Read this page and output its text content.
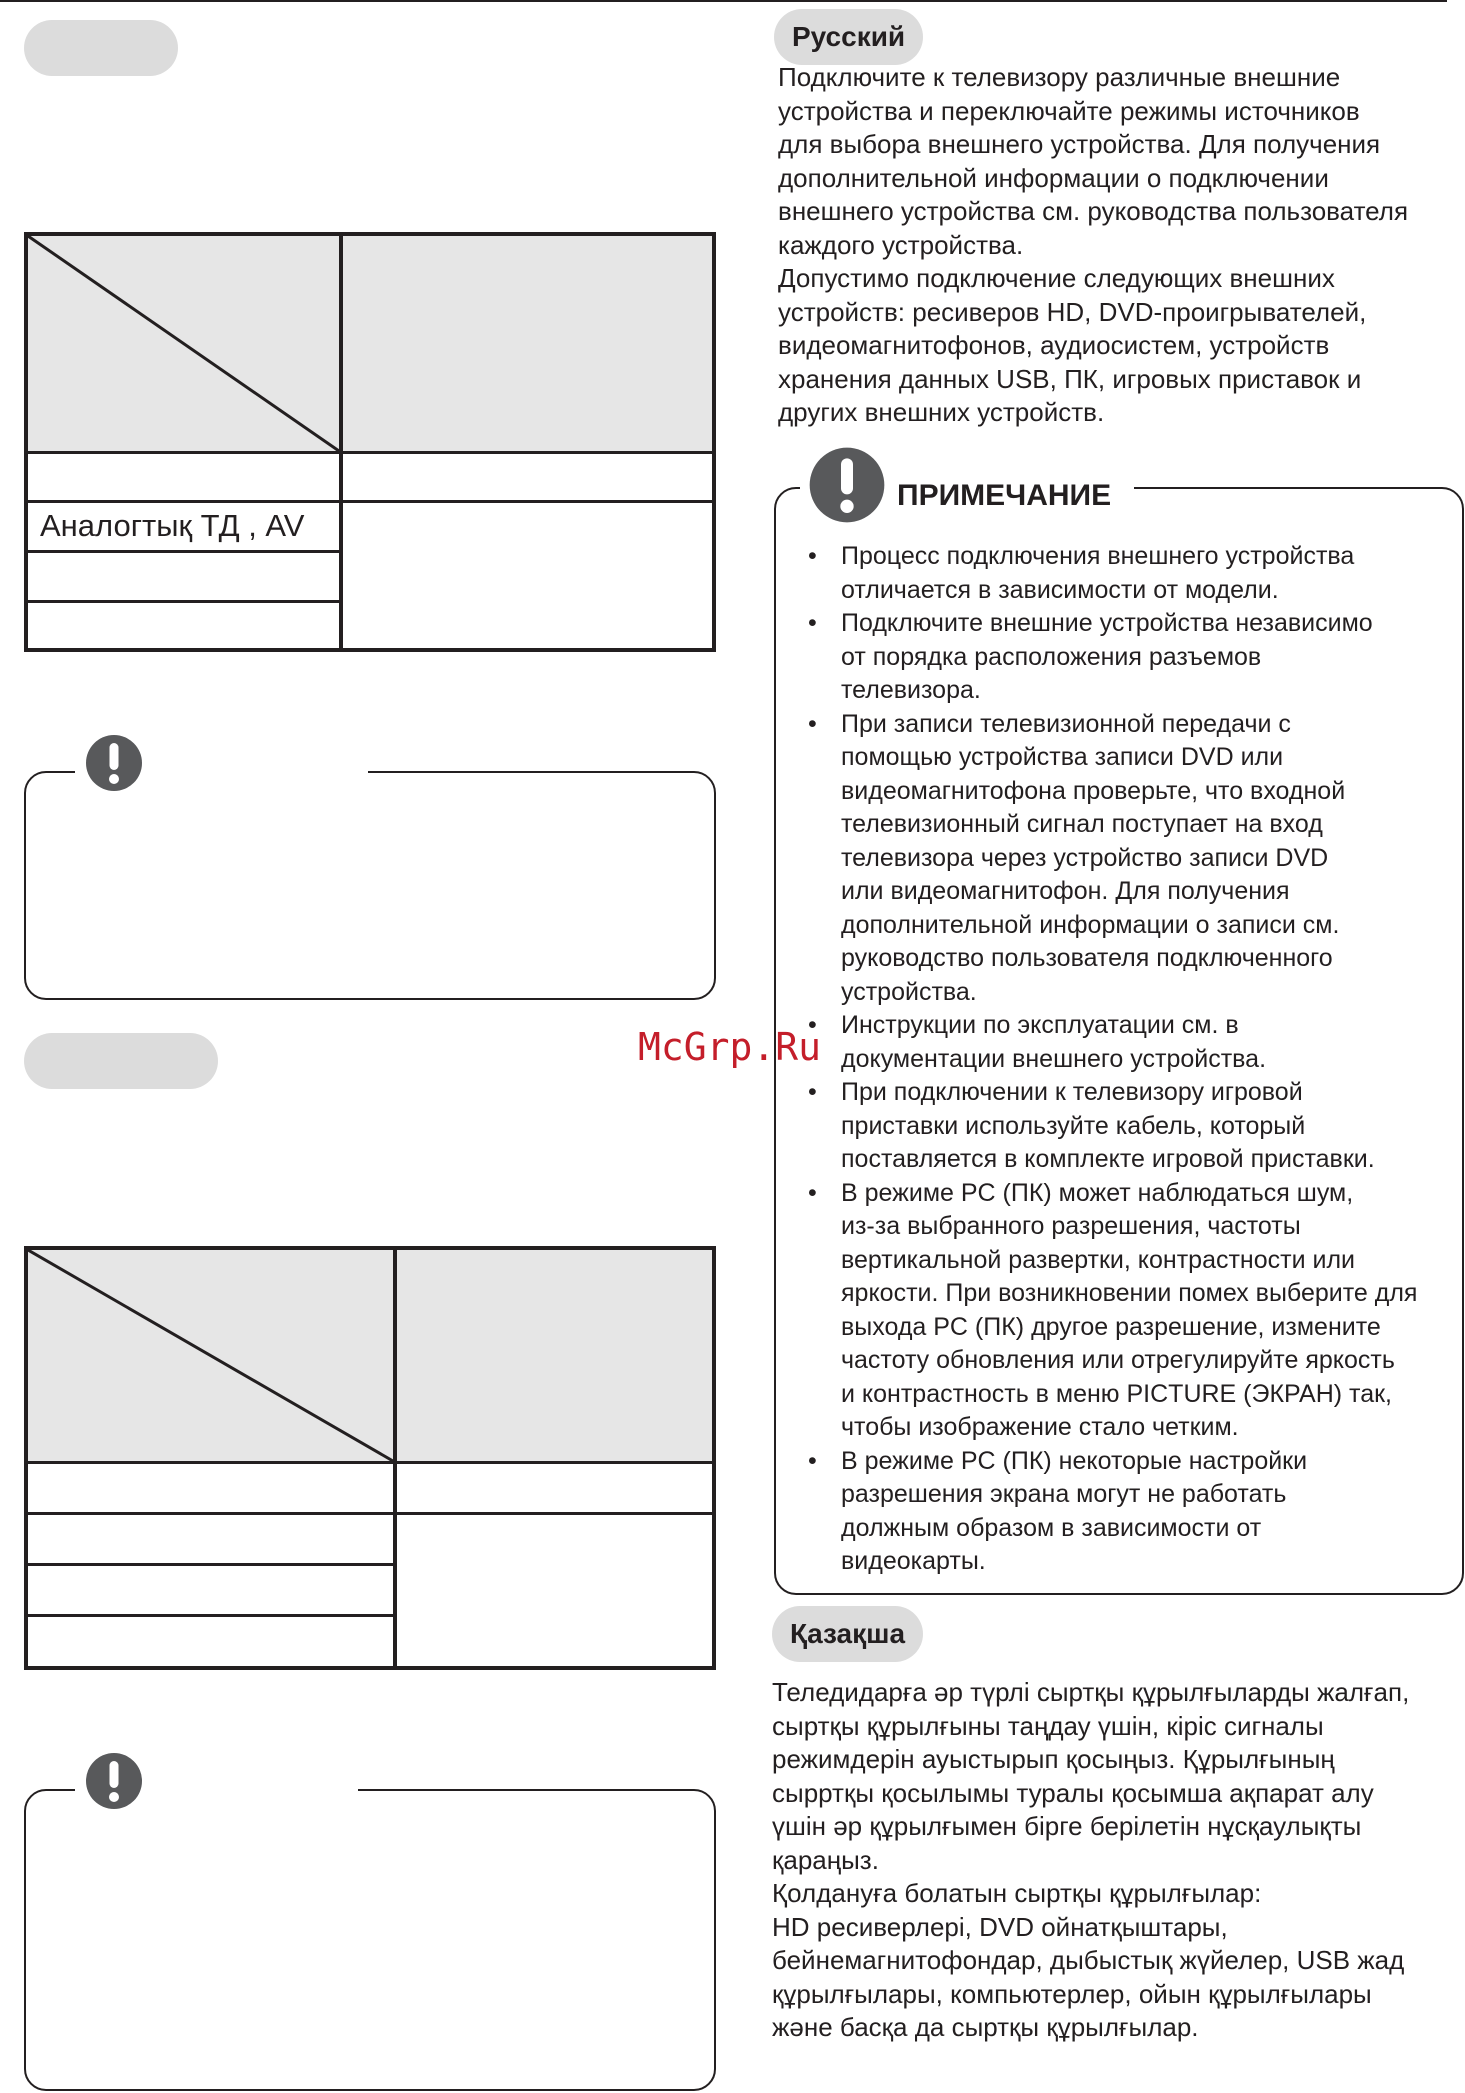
Аналогтық ТД , AV
Русский
Подключите к телевизору различные внешние
устройства и переключайте режимы источников
для выбора внешнего устройства. Для получения
дополнительной информации о подключении
внешнего устройства см. руководства пользователя
каждого устройства.
Допустимо подключение следующих внешних
устройств: ресиверов HD, DVD-проигрывателей,
видеомагнитофонов, аудиосистем, устройств
хранения данных USB, ПК, игровых приставок и
других внешних устройств.
ПРИМЕЧАНИЕ
• Процесс подключения внешнего устройства
отличается в зависимости от модели.
• Подключите внешние устройства независимо
от порядка расположения разъемов
телевизора.
• При записи телевизионной передачи с
помощью устройства записи DVD или
видеомагнитофона проверьте, что входной
телевизионный сигнал поступает на вход
телевизора через устройство записи DVD
или видеомагнитофон. Для получения
дополнительной информации о записи см.
руководство пользователя подключенного
устройства.
• Инструкции по эксплуатации см. в
документации внешнего устройства.
• При подключении к телевизору игровой
приставки используйте кабель, который
поставляется в комплекте игровой приставки.
• В режиме PC (ПК) может наблюдаться шум,
из-за выбранного разрешения, частоты
вертикальной развертки, контрастности или
яркости. При возникновении помех выберите для
выхода PC (ПК) другое разрешение, измените
частоту обновления или отрегулируйте яркость
и контрастность в меню PICTURE (ЭКРАН) так,
чтобы изображение стало четким.
• В режиме PC (ПК) некоторые настройки
разрешения экрана могут не работать
должным образом в зависимости от
видеокарты.
Қазақша
Теледидарға әр түрлі сыртқы құрылғыларды жалғап,
сыртқы құрылғыны таңдау үшін, кіріс сигналы
режимдерін ауыстырып қосыңыз. Құрылғының
сырртқы қосылымы туралы қосымша ақпарат алу
үшін әр құрылғымен бірге берілетін нұсқаулықты
қараңыз.
Қолдануға болатын сыртқы құрылғылар:
HD ресиверлері, DVD ойнатқыштары,
бейнемагнитофондар, дыбыстық жүйелер, USB жад
құрылғылары, компьютерлер, ойын құрылғылары
және басқа да сыртқы құрылғылар.
McGrp.Ru
